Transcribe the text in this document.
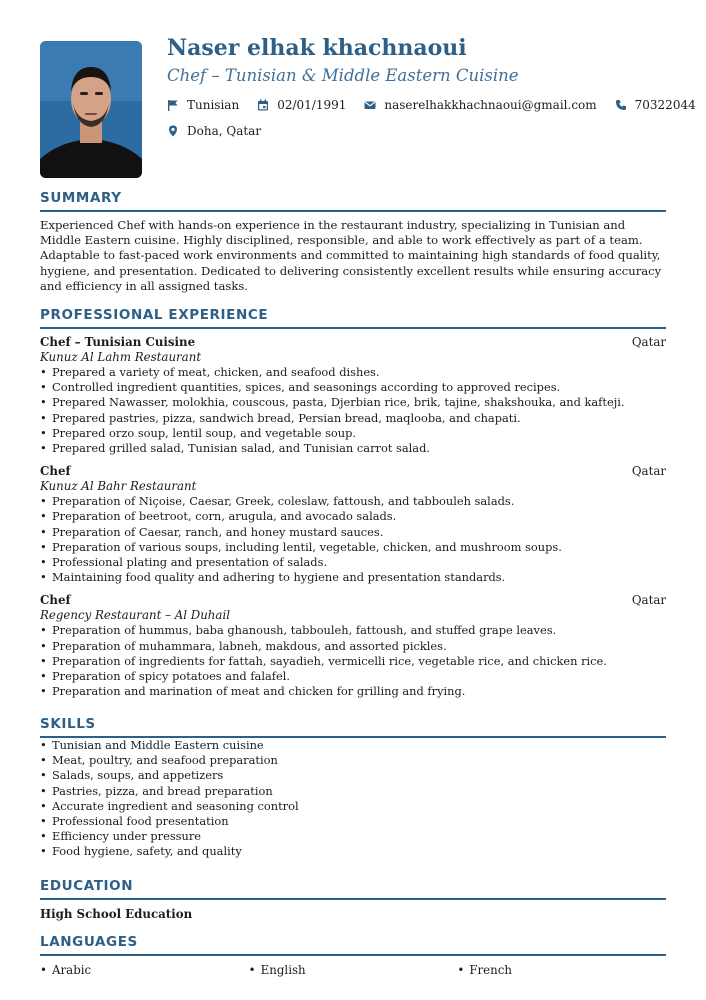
Naser elhak khachnaoui
Chef – Tunisian & Middle Eastern Cuisine
Tunisian	02/01/1991	naserelhakkhachnaoui@gmail.com	70322044
Doha, Qatar
SUMMARY
Experienced Chef with hands-on experience in the restaurant industry, specializing in Tunisian and Middle Eastern cuisine. Highly disciplined, responsible, and able to work effectively as part of a team. Adaptable to fast-paced work environments and committed to maintaining high standards of food quality, hygiene, and presentation. Dedicated to delivering consistently excellent results while ensuring accuracy and efficiency in all assigned tasks.
PROFESSIONAL EXPERIENCE
Chef – Tunisian Cuisine	Qatar
Kunuz Al Lahm Restaurant
• Prepared a variety of meat, chicken, and seafood dishes.
• Controlled ingredient quantities, spices, and seasonings according to approved recipes.
• Prepared Nawasser, molokhia, couscous, pasta, Djerbian rice, brik, tajine, shakshouka, and kafteji.
• Prepared pastries, pizza, sandwich bread, Persian bread, maqlooba, and chapati.
• Prepared orzo soup, lentil soup, and vegetable soup.
• Prepared grilled salad, Tunisian salad, and Tunisian carrot salad.
Chef	Qatar
Kunuz Al Bahr Restaurant
• Preparation of Niçoise, Caesar, Greek, coleslaw, fattoush, and tabbouleh salads.
• Preparation of beetroot, corn, arugula, and avocado salads.
• Preparation of Caesar, ranch, and honey mustard sauces.
• Preparation of various soups, including lentil, vegetable, chicken, and mushroom soups.
• Professional plating and presentation of salads.
• Maintaining food quality and adhering to hygiene and presentation standards.
Chef	Qatar
Regency Restaurant – Al Duhail
• Preparation of hummus, baba ghanoush, tabbouleh, fattoush, and stuffed grape leaves.
• Preparation of muhammara, labneh, makdous, and assorted pickles.
• Preparation of ingredients for fattah, sayadieh, vermicelli rice, vegetable rice, and chicken rice.
• Preparation of spicy potatoes and falafel.
• Preparation and marination of meat and chicken for grilling and frying.
SKILLS
• Tunisian and Middle Eastern cuisine
• Meat, poultry, and seafood preparation
• Salads, soups, and appetizers
• Pastries, pizza, and bread preparation
• Accurate ingredient and seasoning control
• Professional food presentation
• Efficiency under pressure
• Food hygiene, safety, and quality
EDUCATION
High School Education
LANGUAGES
• Arabic	• English	• French
